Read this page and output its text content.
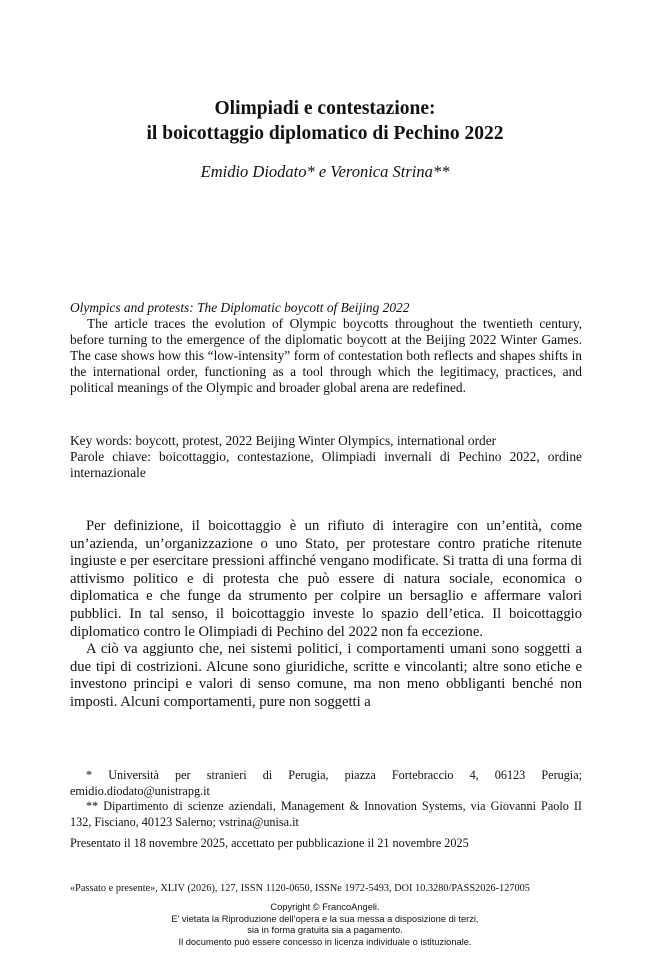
Olimpiadi e contestazione:
il boicottaggio diplomatico di Pechino 2022
Emidio Diodato* e Veronica Strina**
Olympics and protests: The Diplomatic boycott of Beijing 2022
The article traces the evolution of Olympic boycotts throughout the twentieth century, before turning to the emergence of the diplomatic boycott at the Beijing 2022 Winter Games. The case shows how this “low-intensity” form of contestation both reflects and shapes shifts in the international order, functioning as a tool through which the legitimacy, practices, and political meanings of the Olympic and broader global arena are redefined.
Key words: boycott, protest, 2022 Beijing Winter Olympics, international order
Parole chiave: boicottaggio, contestazione, Olimpiadi invernali di Pechino 2022, ordine internazionale

Per definizione, il boicottaggio è un rifiuto di interagire con un’entità, come un’azienda, un’organizzazione o uno Stato, per protestare contro pratiche ritenute ingiuste e per esercitare pressioni affinché vengano modificate. Si tratta di una forma di attivismo politico e di protesta che può essere di natura sociale, economica o diplomatica e che funge da strumento per colpire un bersaglio e affermare valori pubblici. In tal senso, il boicottaggio investe lo spazio dell’etica. Il boicottaggio diplomatico contro le Olimpiadi di Pechino del 2022 non fa eccezione.

A ciò va aggiunto che, nei sistemi politici, i comportamenti umani sono soggetti a due tipi di costrizioni. Alcune sono giuridiche, scritte e vincolanti; altre sono etiche e investono principi e valori di senso comune, ma non meno obbliganti benché non imposti. Alcuni comportamenti, pure non soggetti a

* Università per stranieri di Perugia, piazza Fortebraccio 4, 06123 Perugia; emidio.diodato@unistrapg.it

** Dipartimento di scienze aziendali, Management & Innovation Systems, via Giovanni Paolo II 132, Fisciano, 40123 Salerno; vstrina@unisa.it

Presentato il 18 novembre 2025, accettato per pubblicazione il 21 novembre 2025
«Passato e presente», XLIV (2026), 127, ISSN 1120-0650, ISSNe 1972-5493, DOI 10.3280/PASS2026-127005
Copyright © FrancoAngeli.
E’ vietata la Riproduzione dell’opera e la sua messa a disposizione di terzi,
sia in forma gratuita sia a pagamento.
Il documento può essere concesso in licenza individuale o istituzionale.
